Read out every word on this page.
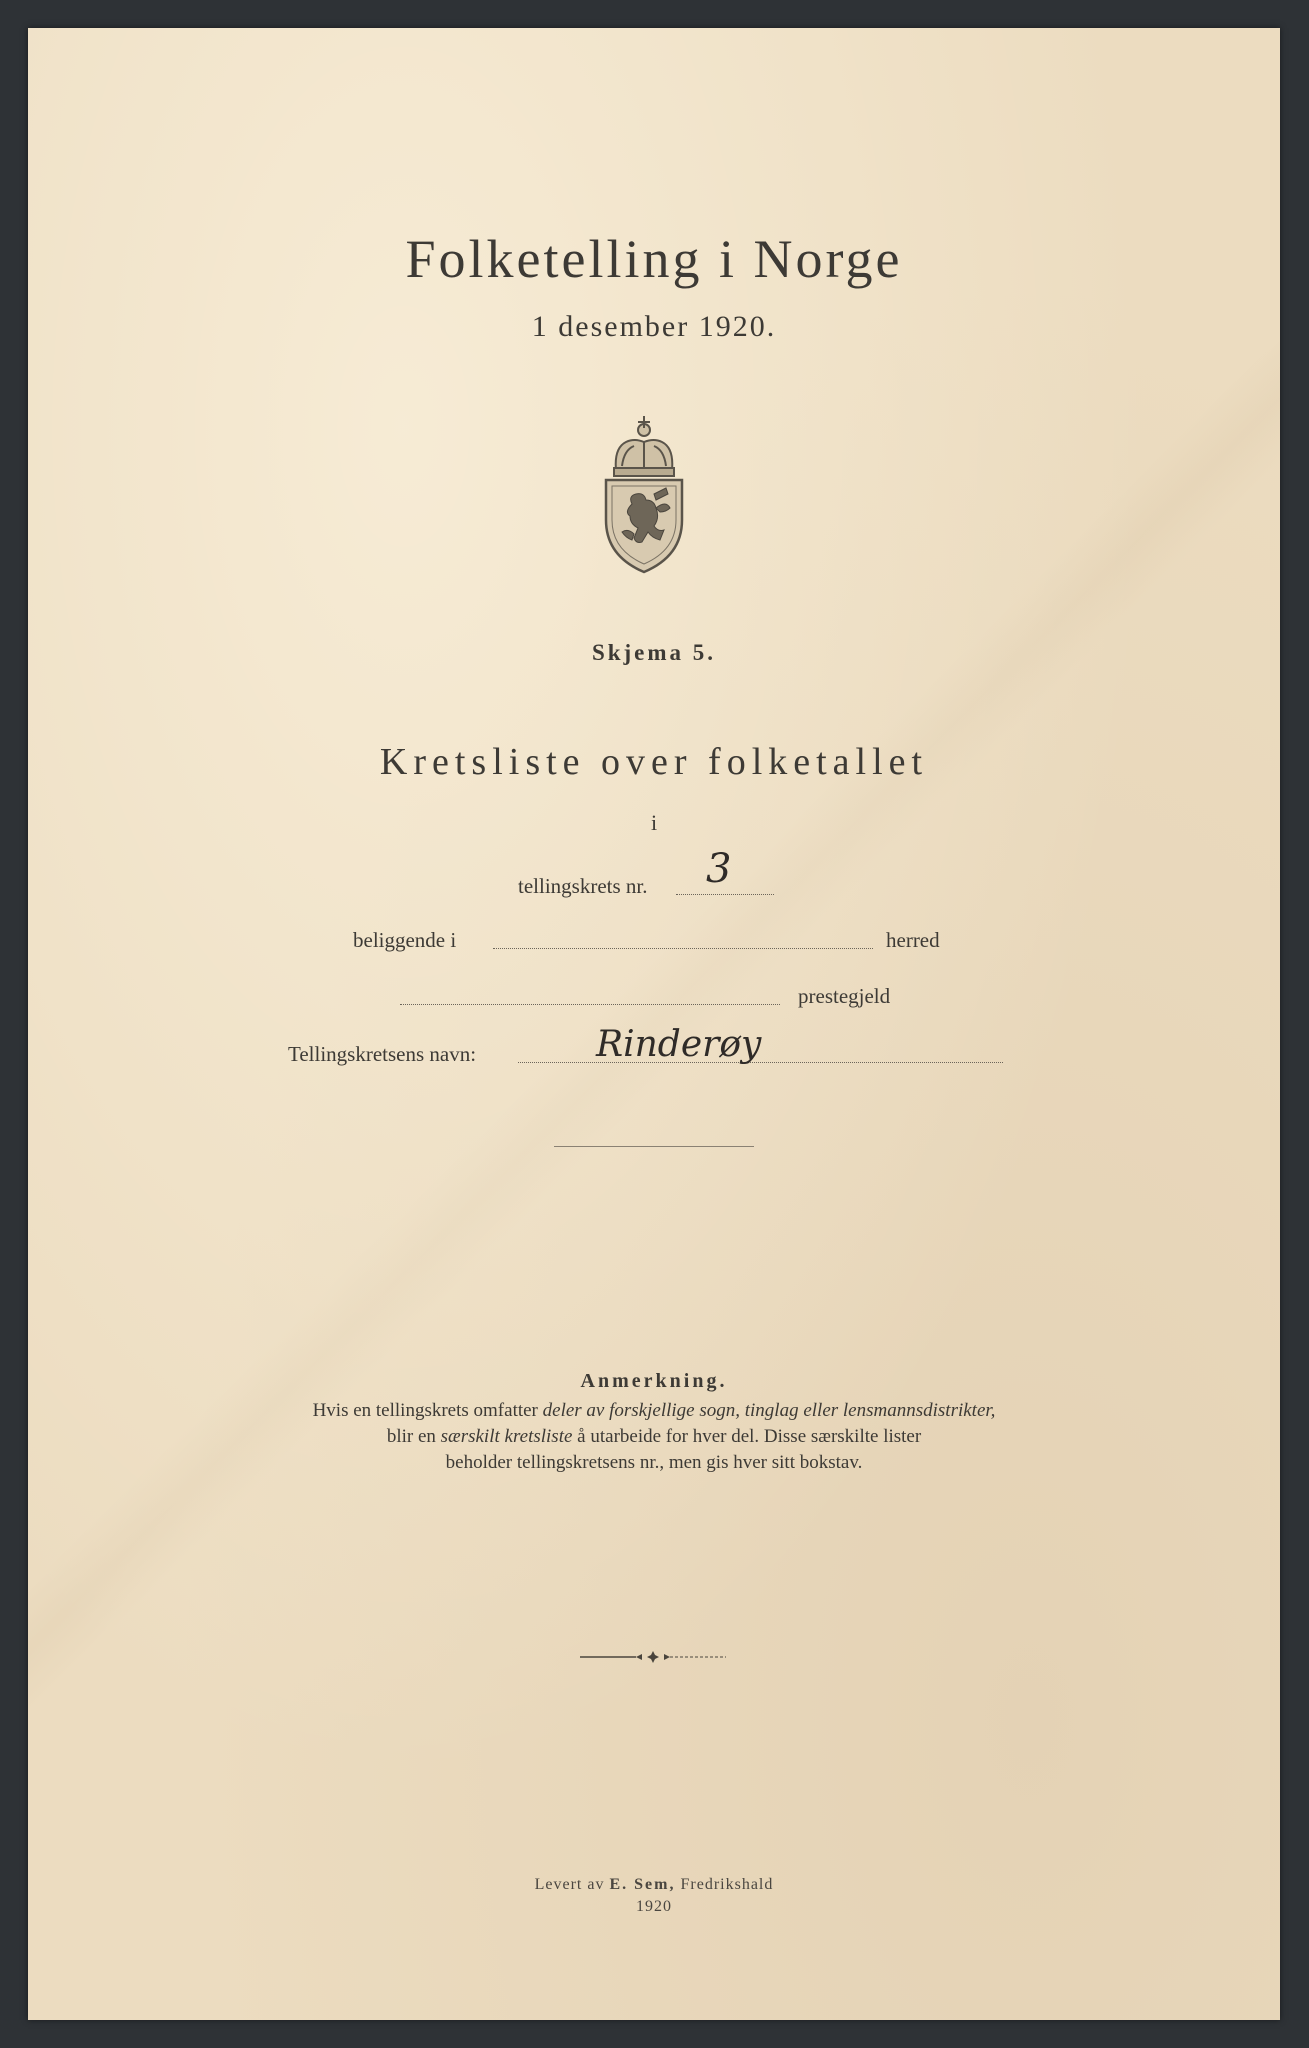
Folketelling i Norge
1 desember 1920.
Skjema 5.
Kretsliste over folketallet
i
tellingskrets nr. 3
beliggende i	herred
prestegjeld
Tellingskretsens navn:	Rinderøy
Anmerkning.
Hvis en tellingskrets omfatter deler av forskjellige sogn, tinglag eller lensmannsdistrikter,
blir en særskilt kretsliste å utarbeide for hver del. Disse særskilte lister
beholder tellingskretsens nr., men gis hver sitt bokstav.
Levert av E. Sem, Fredrikshald
1920
